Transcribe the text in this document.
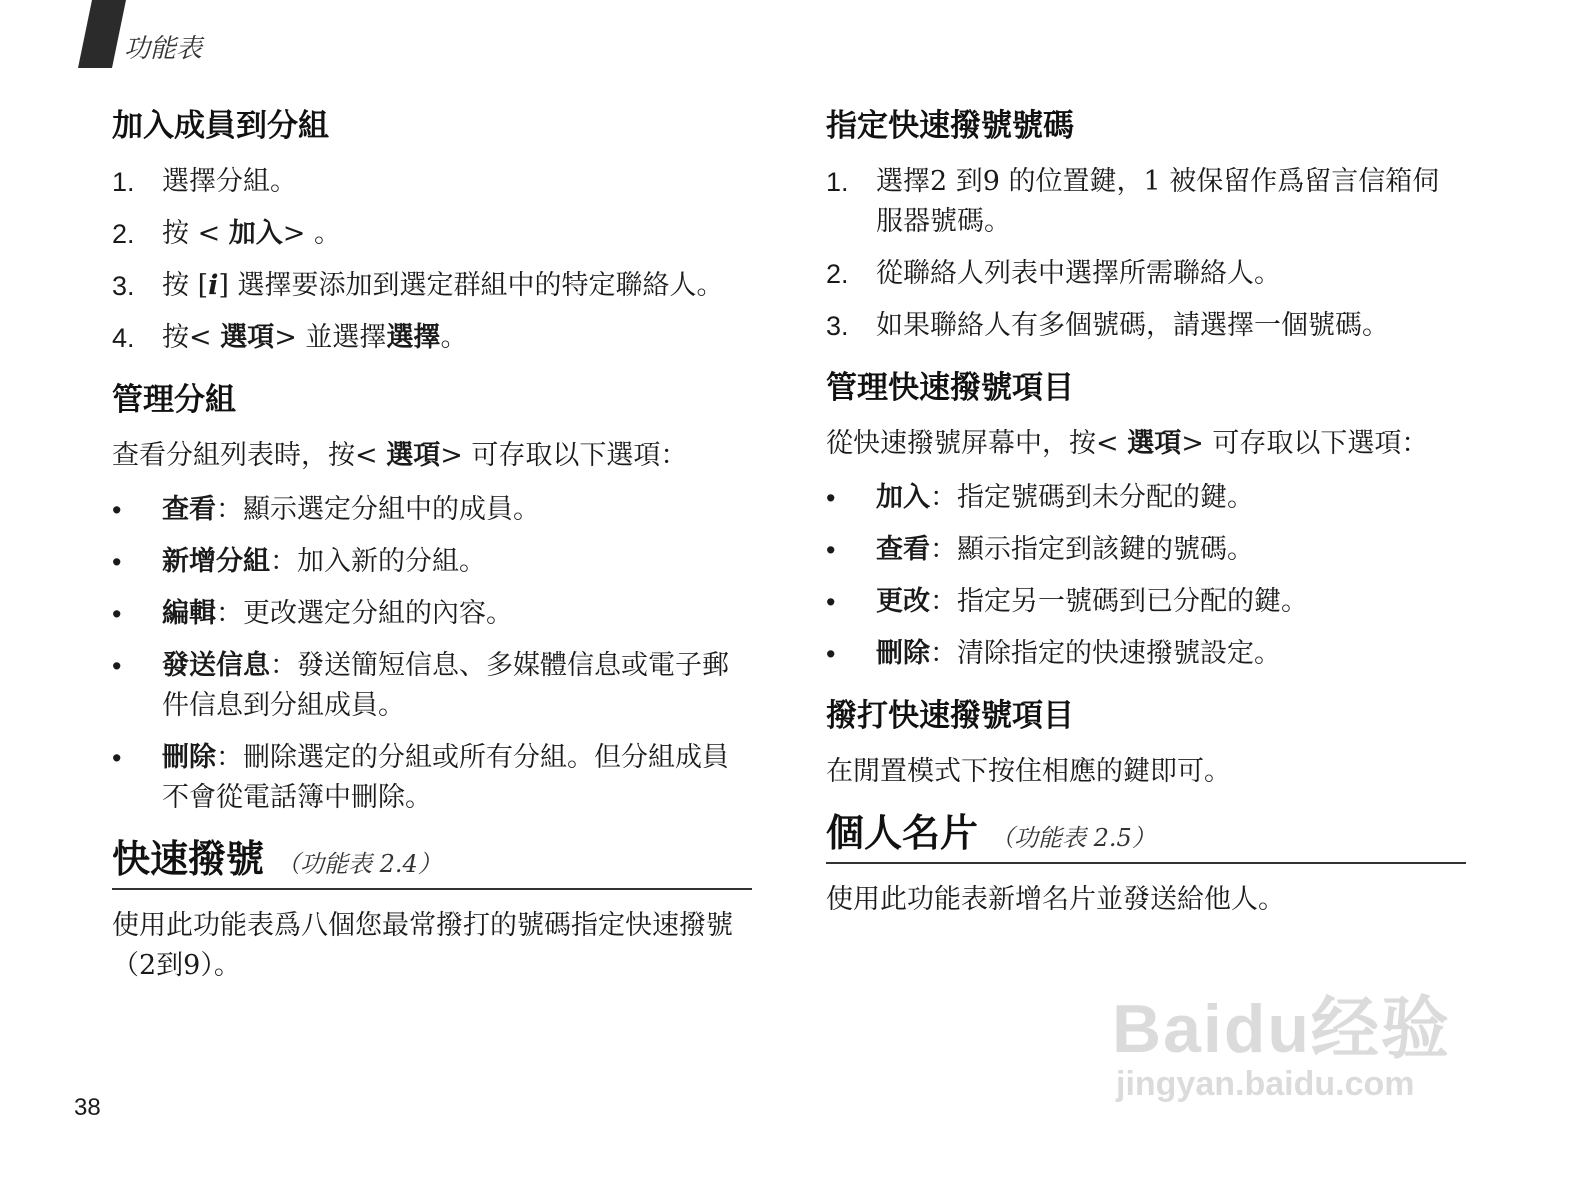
功能表
加入成員到分組
1. 選擇分組。
2. 按 < 加入> 。
3. 按 [i] 選擇要添加到選定群組中的特定聯絡人。
4. 按< 選項> 並選擇選擇。
管理分組

查看分組列表時，按< 選項> 可存取以下選項：

• 查看：顯示選定分組中的成員。
• 新增分組：加入新的分組。
• 編輯：更改選定分組的內容。
• 發送信息：發送簡短信息、多媒體信息或電子郵件信息到分組成員。
• 刪除：刪除選定的分組或所有分組。但分組成員不會從電話簿中刪除。
快速撥號 （功能表 2.4）

使用此功能表爲八個您最常撥打的號碼指定快速撥號 （2到9）。

指定快速撥號號碼
1. 選擇2 到9 的位置鍵，1 被保留作爲留言信箱伺服器號碼。
2. 從聯絡人列表中選擇所需聯絡人。
3. 如果聯絡人有多個號碼，請選擇一個號碼。
管理快速撥號項目

從快速撥號屏幕中，按< 選項> 可存取以下選項：

• 加入：指定號碼到未分配的鍵。
• 查看：顯示指定到該鍵的號碼。
• 更改：指定另一號碼到已分配的鍵。
• 刪除：清除指定的快速撥號設定。
撥打快速撥號項目

在閒置模式下按住相應的鍵即可。

個人名片 （功能表 2.5）

使用此功能表新增名片並發送給他人。

38
Baidu经验
jingyan.baidu.com
